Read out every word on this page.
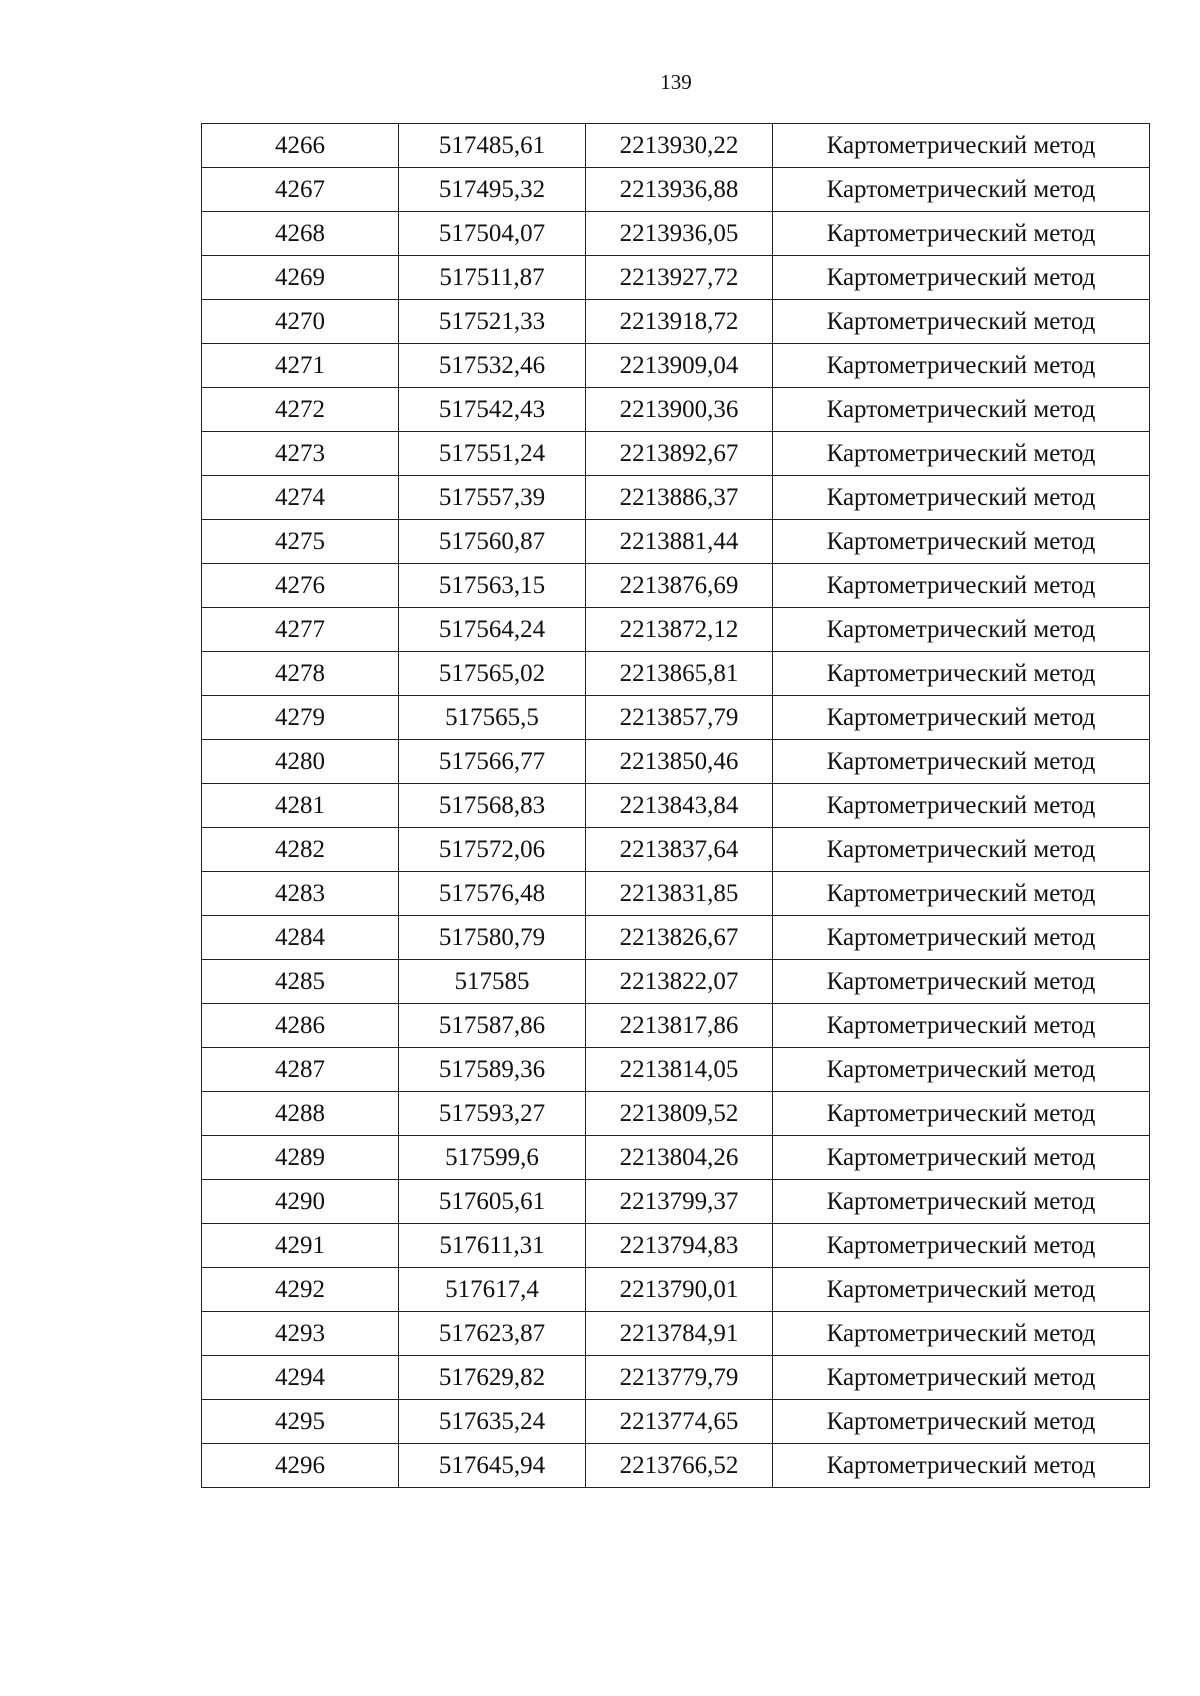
139
4266	517485,61	2213930,22	Картометрический метод
4267	517495,32	2213936,88	Картометрический метод
4268	517504,07	2213936,05	Картометрический метод
4269	517511,87	2213927,72	Картометрический метод
4270	517521,33	2213918,72	Картометрический метод
4271	517532,46	2213909,04	Картометрический метод
4272	517542,43	2213900,36	Картометрический метод
4273	517551,24	2213892,67	Картометрический метод
4274	517557,39	2213886,37	Картометрический метод
4275	517560,87	2213881,44	Картометрический метод
4276	517563,15	2213876,69	Картометрический метод
4277	517564,24	2213872,12	Картометрический метод
4278	517565,02	2213865,81	Картометрический метод
4279	517565,5	2213857,79	Картометрический метод
4280	517566,77	2213850,46	Картометрический метод
4281	517568,83	2213843,84	Картометрический метод
4282	517572,06	2213837,64	Картометрический метод
4283	517576,48	2213831,85	Картометрический метод
4284	517580,79	2213826,67	Картометрический метод
4285	517585	2213822,07	Картометрический метод
4286	517587,86	2213817,86	Картометрический метод
4287	517589,36	2213814,05	Картометрический метод
4288	517593,27	2213809,52	Картометрический метод
4289	517599,6	2213804,26	Картометрический метод
4290	517605,61	2213799,37	Картометрический метод
4291	517611,31	2213794,83	Картометрический метод
4292	517617,4	2213790,01	Картометрический метод
4293	517623,87	2213784,91	Картометрический метод
4294	517629,82	2213779,79	Картометрический метод
4295	517635,24	2213774,65	Картометрический метод
4296	517645,94	2213766,52	Картометрический метод
